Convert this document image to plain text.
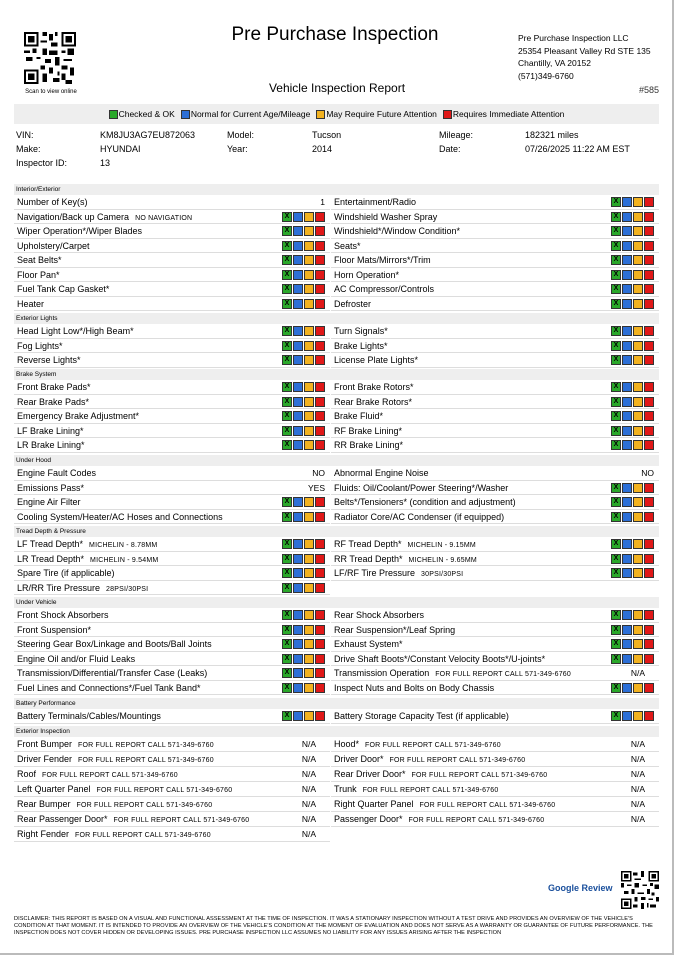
Scan to view online
Pre Purchase Inspection
Vehicle Inspection Report
Pre Purchase Inspection LLC
25354 Pleasant Valley Rd STE 135
Chantilly, VA 20152
(571)349-6760
#585
Checked & OK Normal for Current Age/Mileage May Require Future Attention Requires Immediate Attention
VIN:	KM8JU3AG7EU872063	Model:	Tucson	Mileage:	182321 miles
Make:	HYUNDAI	Year:	2014	Date:	07/26/2025 11:22 AM EST
Inspector ID:	13
Interior/Exterior
Number of Key(s)	1 Entertainment/Radio	X
Navigation/Back up Camera NO NAVIGATION	X	Windshield Washer Spray	X
Wiper Operation*/Wiper Blades	X	Windshield*/Window Condition*	X
Upholstery/Carpet	X	Seats*	X
Seat Belts*	X	Floor Mats/Mirrors*/Trim	X
Floor Pan*	X	Horn Operation*	X
Fuel Tank Cap Gasket*	X	AC Compressor/Controls	X
Heater	X	Defroster	X
Exterior Lights
Head Light Low*/High Beam*	X	Turn Signals*	X
Fog Lights*	X	Brake Lights*	X
Reverse Lights*	X	License Plate Lights*	X
Brake System
Front Brake Pads*	X	Front Brake Rotors*	X
Rear Brake Pads*	X	Rear Brake Rotors*	X
Emergency Brake Adjustment*	X	Brake Fluid*	X
LF Brake Lining*	X	RF Brake Lining*	X
LR Brake Lining*	X	RR Brake Lining*	X
Under Hood
Engine Fault Codes	NO Abnormal Engine Noise	NO
Emissions Pass*	YES Fluids: Oil/Coolant/Power Steering*/Washer	X
Engine Air Filter	X	Belts*/Tensioners* (condition and adjustment)	X
Cooling System/Heater/AC Hoses and Connections	X	Radiator Core/AC Condenser (if equipped)	X
Tread Depth & Pressure
LF Tread Depth* MICHELIN - 8.78MM	X	RF Tread Depth* MICHELIN - 9.15MM	X
LR Tread Depth* MICHELIN - 9.54MM	X	RR Tread Depth* MICHELIN - 9.65MM	X
Spare Tire (if applicable)	X	LF/RF Tire Pressure 30PSI/30PSI	X
LR/RR Tire Pressure 28PSI/30PSI	X
Under Vehicle
Front Shock Absorbers	X	Rear Shock Absorbers	X
Front Suspension*	X	Rear Suspension*/Leaf Spring	X
Steering Gear Box/Linkage and Boots/Ball Joints	X	Exhaust System*	X
Engine Oil and/or Fluid Leaks	X	Drive Shaft Boots*/Constant Velocity Boots*/U-joints*	X
Transmission/Differential/Transfer Case (Leaks)	X	Transmission Operation FOR FULL REPORT CALL 571-349-6760	N/A
Fuel Lines and Connections*/Fuel Tank Band*	X	Inspect Nuts and Bolts on Body Chassis	X
Battery Performance
Battery Terminals/Cables/Mountings	X	Battery Storage Capacity Test (if applicable)	X
Exterior Inspection
Front Bumper FOR FULL REPORT CALL 571-349-6760	N/A Hood* FOR FULL REPORT CALL 571-349-6760	N/A
Driver Fender FOR FULL REPORT CALL 571-349-6760	N/A Driver Door* FOR FULL REPORT CALL 571-349-6760	N/A
Roof FOR FULL REPORT CALL 571-349-6760	N/A Rear Driver Door* FOR FULL REPORT CALL 571-349-6760	N/A
Left Quarter Panel FOR FULL REPORT CALL 571-349-6760	N/A Trunk FOR FULL REPORT CALL 571-349-6760	N/A
Rear Bumper FOR FULL REPORT CALL 571-349-6760	N/A Right Quarter Panel FOR FULL REPORT CALL 571-349-6760	N/A
Rear Passenger Door* FOR FULL REPORT CALL 571-349-6760	N/A Passenger Door* FOR FULL REPORT CALL 571-349-6760	N/A
Right Fender FOR FULL REPORT CALL 571-349-6760	N/A
Google Review
DISCLAIMER: THIS REPORT IS BASED ON A VISUAL AND FUNCTIONAL ASSESSMENT AT THE TIME OF INSPECTION. IT WAS A STATIONARY INSPECTION WITHOUT A TEST DRIVE AND PROVIDES AN OVERVIEW OF THE VEHICLE'S CONDITION AT THAT MOMENT. IT IS INTENDED TO PROVIDE AN OVERVIEW OF THE VEHICLE'S CONDITION AT THE MOMENT OF EVALUATION AND DOES NOT SERVE AS A WARRANTY OR GUARANTEE OF FUTURE PERFORMANCE. THE INSPECTION DOES NOT COVER HIDDEN OR DEVELOPING ISSUES. PRE PURCHASE INSPECTION LLC ASSUMES NO LIABILITY FOR ANY ISSUES ARISING AFTER THE INSPECTION
